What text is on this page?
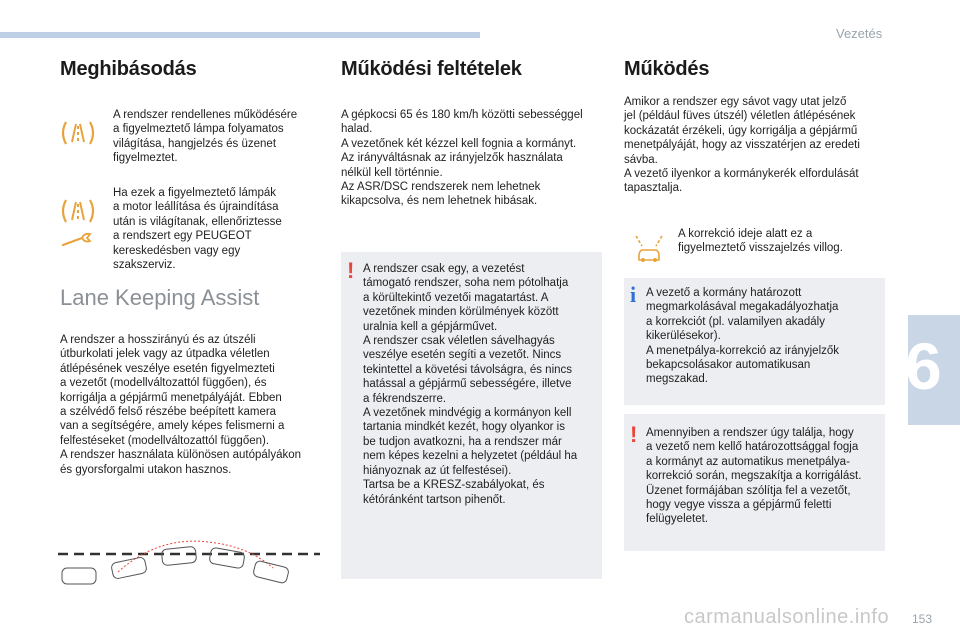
Vezetés
6
Meghibásodás
A rendszer rendellenes működésére
a figyelmeztető lámpa folyamatos
világítása, hangjelzés és üzenet
figyelmeztet.
Ha ezek a figyelmeztető lámpák
a motor leállítása és újraindítása
után is világítanak, ellenőriztesse
a rendszert egy PEUGEOT
kereskedésben vagy egy
szakszerviz.
Lane Keeping Assist
A rendszer a hosszirányú és az útszéli
útburkolati jelek vagy az útpadka véletlen
átlépésének veszélye esetén figyelmezteti
a vezetőt (modellváltozattól függően), és
korrigálja a gépjármű menetpályáját. Ebben
a szélvédő felső részébe beépített kamera
van a segítségére, amely képes felismerni a
felfestéseket (modellváltozattól függően).
A rendszer használata különösen autópályákon
és gyorsforgalmi utakon hasznos.
Működési feltételek
A gépkocsi 65 és 180 km/h közötti sebességgel
halad.
A vezetőnek két kézzel kell fognia a kormányt.
Az irányváltásnak az irányjelzők használata
nélkül kell történnie.
Az ASR/DSC rendszerek nem lehetnek
kikapcsolva, és nem lehetnek hibásak.
! A rendszer csak egy, a vezetést
támogató rendszer, soha nem pótolhatja
a körültekintő vezetői magatartást. A
vezetőnek minden körülmények között
uralnia kell a gépjárművet.
A rendszer csak véletlen sávelhagyás
veszélye esetén segíti a vezetőt. Nincs
tekintettel a követési távolságra, és nincs
hatással a gépjármű sebességére, illetve
a fékrendszerre.
A vezetőnek mindvégig a kormányon kell
tartania mindkét kezét, hogy olyankor is
be tudjon avatkozni, ha a rendszer már
nem képes kezelni a helyzetet (például ha
hiányoznak az út felfestései).
Tartsa be a KRESZ-szabályokat, és
kétóránként tartson pihenőt.
Működés
Amikor a rendszer egy sávot vagy utat jelző
jel (például füves útszél) véletlen átlépésének
kockázatát érzékeli, úgy korrigálja a gépjármű
menetpályáját, hogy az visszatérjen az eredeti
sávba.
A vezető ilyenkor a kormánykerék elfordulását
tapasztalja.
A korrekció ideje alatt ez a
figyelmeztető visszajelzés villog.
i A vezető a kormány határozott
megmarkolásával megakadályozhatja
a korrekciót (pl. valamilyen akadály
kikerülésekor).
A menetpálya-korrekció az irányjelzők
bekapcsolásakor automatikusan
megszakad.
! Amennyiben a rendszer úgy találja, hogy
a vezető nem kellő határozottsággal fogja
a kormányt az automatikus menetpálya-
korrekció során, megszakítja a korrigálást.
Üzenet formájában szólítja fel a vezetőt,
hogy vegye vissza a gépjármű feletti
felügyeletet.
carmanualsonline.info 153
